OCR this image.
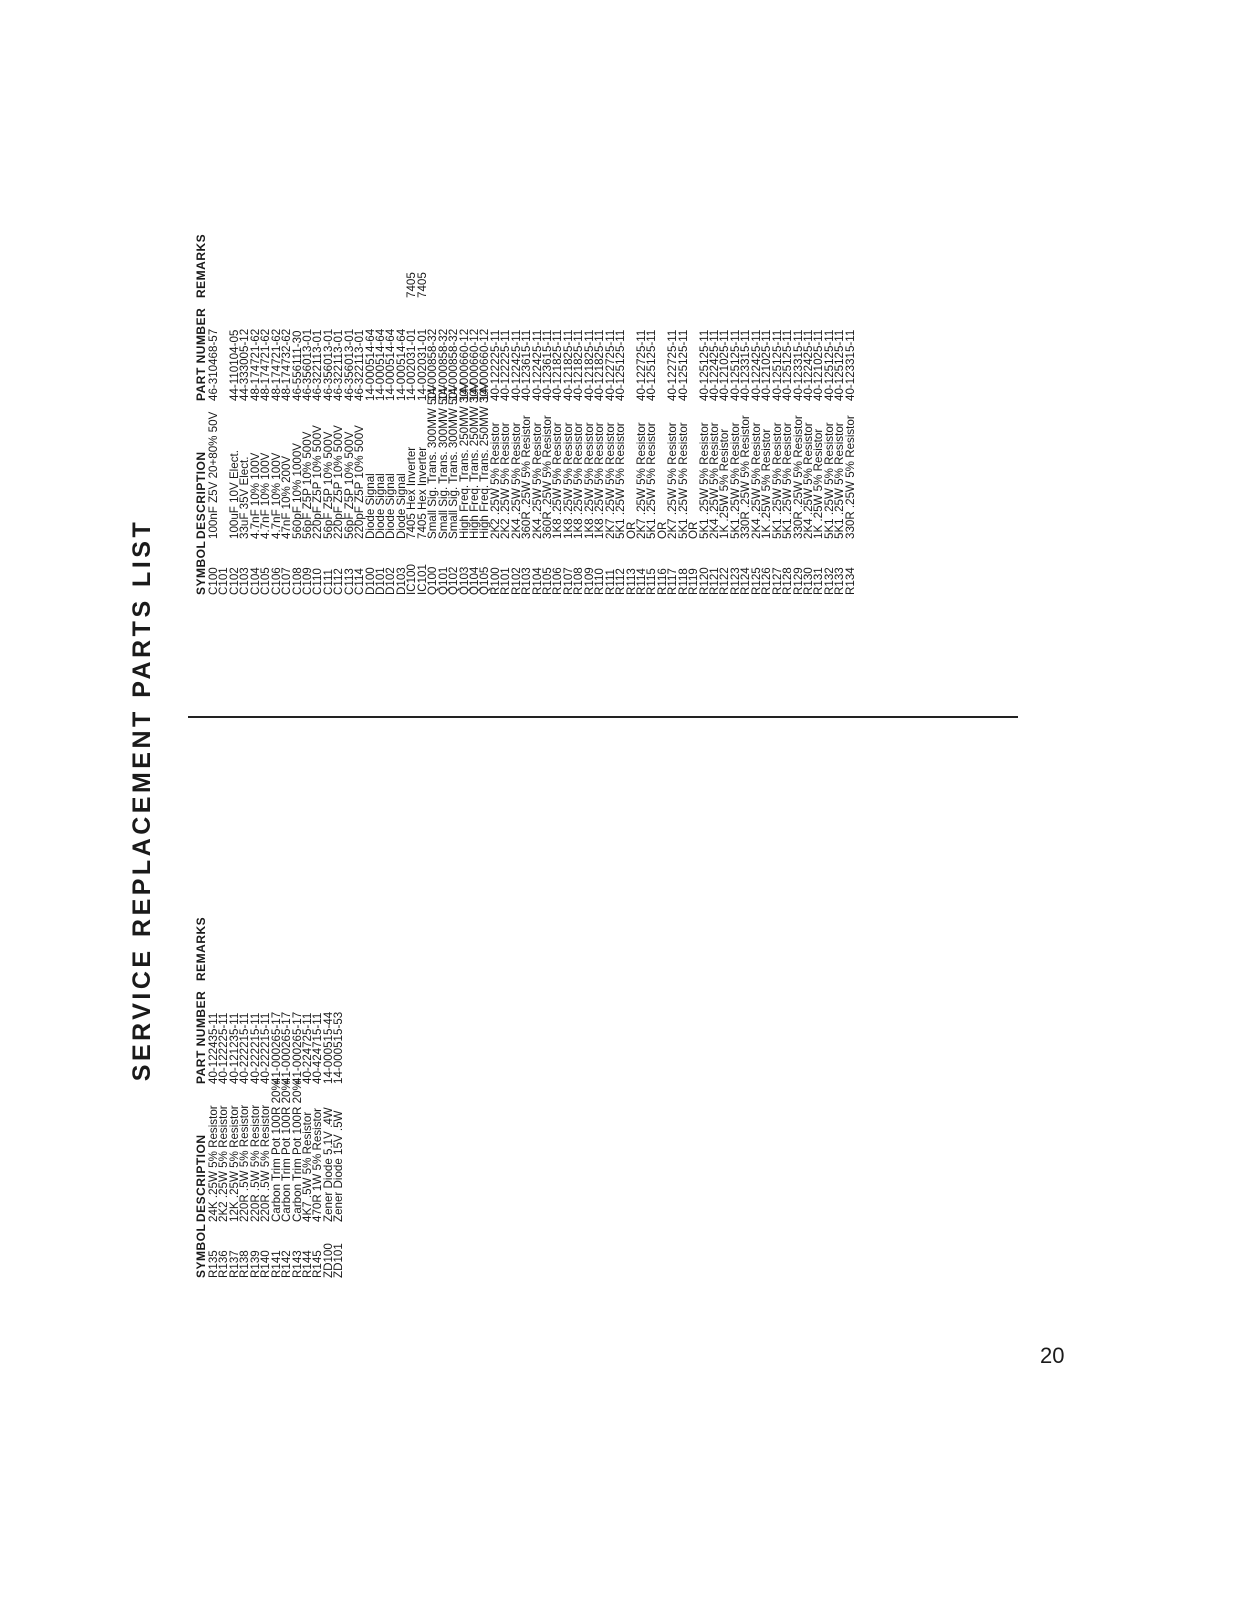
SERVICE REPLACEMENT PARTS LIST	SYMBOL
DESCRIPTION
PART NUMBER
REMARKS
C100
100nF Z5V 20+80% 50V
46-310468-57
C101
C102
100uF 10V Elect.
44-110104-05
C103
33uF 35V Elect.
44-333005-12
C104
4.7nF 10% 100V
48-174721-62
C105
4.7nF 10% 100V
48-174721-62
C106
4.7nF 10% 100V
48-174721-62
C107
47nF 10% 200V
48-174732-62
C108
560pF 10% 1000V
46-556111-30
C109
56pF Z5P 10% 500V
46-356013-01
C110
220pF Z5P 10% 500V
46-322113-01
C111
56pF Z5P 10% 500V
46-356013-01
C112
220pF Z5P 10% 500V
46-322113-01
C113
56pF Z5P 10% 500V
46-356013-01
C114
220pF Z5P 10% 500V
46-322113-01
D100
Diode Signal
14-000514-64
D101
Diode Signal
14-000514-64
D102
Diode Signal
14-000514-64
D103
Diode Signal
14-000514-64
IC100
7405 Hex Inverter
14-002031-01
7405
IC101
7405 Hex Inverter
14-002031-01
7405
Q100
Small Sig. Trans. 300MW 50V
14-000858-32
Q101
Small Sig. Trans. 300MW 50V
14-000858-32
Q102
Small Sig. Trans. 300MW 50V
14-000858-32
Q103
High Freq. Trans. 250MW 30V
14-000660-12
Q104
High Freq. Trans. 250MW 30V
14-000660-12
Q105
High Freq. Trans. 250MW 30V
14-000660-12
R100
2K2 .25W 5% Resistor
40-122225-11
R101
2K2 .25W 5% Resistor
40-122225-11
R102
2K4 .25W 5% Resistor
40-122425-11
R103
360R .25W 5% Resistor
40-123615-11
R104
2K4 .25W 5% Resistor
40-122425-11
R105
360R .25W 5% Resistor
40-123615-11
R106
1K8 .25W 5% Resistor
40-121825-11
R107
1K8 .25W 5% Resistor
40-121825-11
R108
1K8 .25W 5% Resistor
40-121825-11
R109
1K8 .25W 5% Resistor
40-121825-11
R110
1K8 .25W 5% Resistor
40-121825-11
R111
2K7 .25W 5% Resistor
40-122725-11
R112
5K1 .25W 5% Resistor
40-125125-11
R113
OR
R114
2K7 .25W 5% Resistor
40-122725-11
R115
5K1 .25W 5% Resistor
40-125125-11
R116
OR
R117
2K7 .25W 5% Resistor
40-122725-11
R118
5K1 .25W 5% Resistor
40-125125-11
R119
OR
R120
5K1 .25W 5% Resistor
40-125125-11
R121
2K4 .25W 5% Resistor
40-122425-11
R122
1K .25W 5% Resistor
40-121025-11
R123
5K1 .25W 5% Resistor
40-125125-11
R124
330R .25W 5% Resistor
40-123315-11
R125
2K4 .25W 5% Resistor
40-122425-11
R126
1K .25W 5% Resistor
40-121025-11
R127
5K1 .25W 5% Resistor
40-125125-11
R128
5K1 .25W 5% Resistor
40-125125-11
R129
330R .25W 5% Resistor
40-123315-11
R130
2K4 .25W 5% Resistor
40-122425-11
R131
1K .25W 5% Resistor
40-121025-11
R132
5K1 .25W 5% Resistor
40-125125-11
R133
5K1 .25W 5% Resistor
40-125125-11
R134
330R .25W 5% Resistor
40-123315-11
SYMBOL
DESCRIPTION
PART NUMBER
REMARKS
R135
24K .25W 5% Resistor
40-122435-11
R136
2K2 .25W 5% Resistor
40-122225-11
R137
12K .25W 5% Resistor
40-121235-11
R138
220R .5W 5% Resistor
40-222215-11
R139
220R .5W 5% Resistor
40-222215-11
R140
220R .5W 5% Resistor
40-222215-11
R141
Carbon Trim Pot 100R 20%
41-000265-17
R142
Carbon Trim Pot 100R 20%
41-000265-17
R143
Carbon Trim Pot 100R 20%
41-000265-17
R144
4K7 .5W 5% Resistor
40-224725-11
R145
470R 1W 5% Resistor
40-424715-11
ZD100
Zener Diode 5.1V .4W
14-000515-44
ZD101
Zener Diode 15V .5W
14-000515-53
20
